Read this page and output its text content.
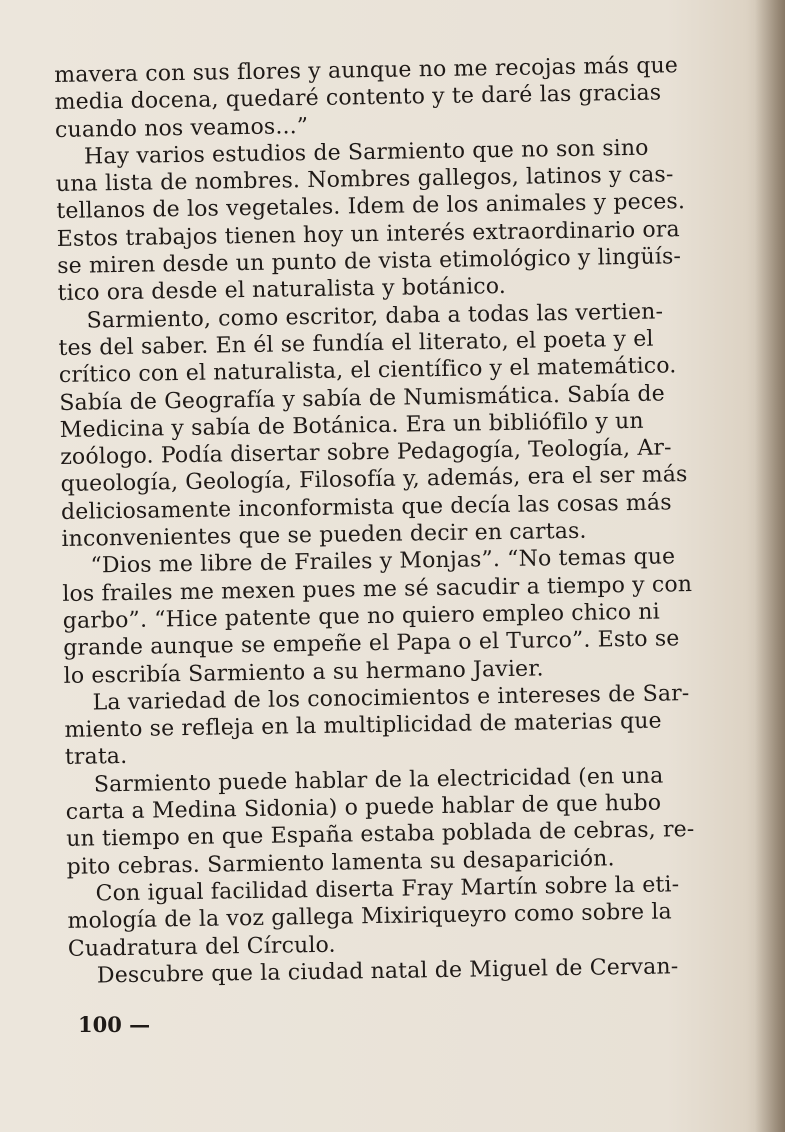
mavera con sus flores y aunque no me recojas más que
media docena, quedaré contento y te daré las gracias
cuando nos veamos...”
Hay varios estudios de Sarmiento que no son sino
una lista de nombres. Nombres gallegos, latinos y cas-
tellanos de los vegetales. Idem de los animales y peces.
Estos trabajos tienen hoy un interés extraordinario ora
se miren desde un punto de vista etimológico y lingüís-
tico ora desde el naturalista y botánico.
Sarmiento, como escritor, daba a todas las vertien-
tes del saber. En él se fundía el literato, el poeta y el
crítico con el naturalista, el científico y el matemático.
Sabía de Geografía y sabía de Numismática. Sabía de
Medicina y sabía de Botánica. Era un bibliófilo y un
zoólogo. Podía disertar sobre Pedagogía, Teología, Ar-
queología, Geología, Filosofía y, además, era el ser más
deliciosamente inconformista que decía las cosas más
inconvenientes que se pueden decir en cartas.
“Dios me libre de Frailes y Monjas”. “No temas que
los frailes me mexen pues me sé sacudir a tiempo y con
garbo”. “Hice patente que no quiero empleo chico ni
grande aunque se empeñe el Papa o el Turco”. Esto se
lo escribía Sarmiento a su hermano Javier.
La variedad de los conocimientos e intereses de Sar-
miento se refleja en la multiplicidad de materias que
trata.
Sarmiento puede hablar de la electricidad (en una
carta a Medina Sidonia) o puede hablar de que hubo
un tiempo en que España estaba poblada de cebras, re-
pito cebras. Sarmiento lamenta su desaparición.
Con igual facilidad diserta Fray Martín sobre la eti-
mología de la voz gallega Mixiriqueyro como sobre la
Cuadratura del Círculo.
Descubre que la ciudad natal de Miguel de Cervan-
100 —
